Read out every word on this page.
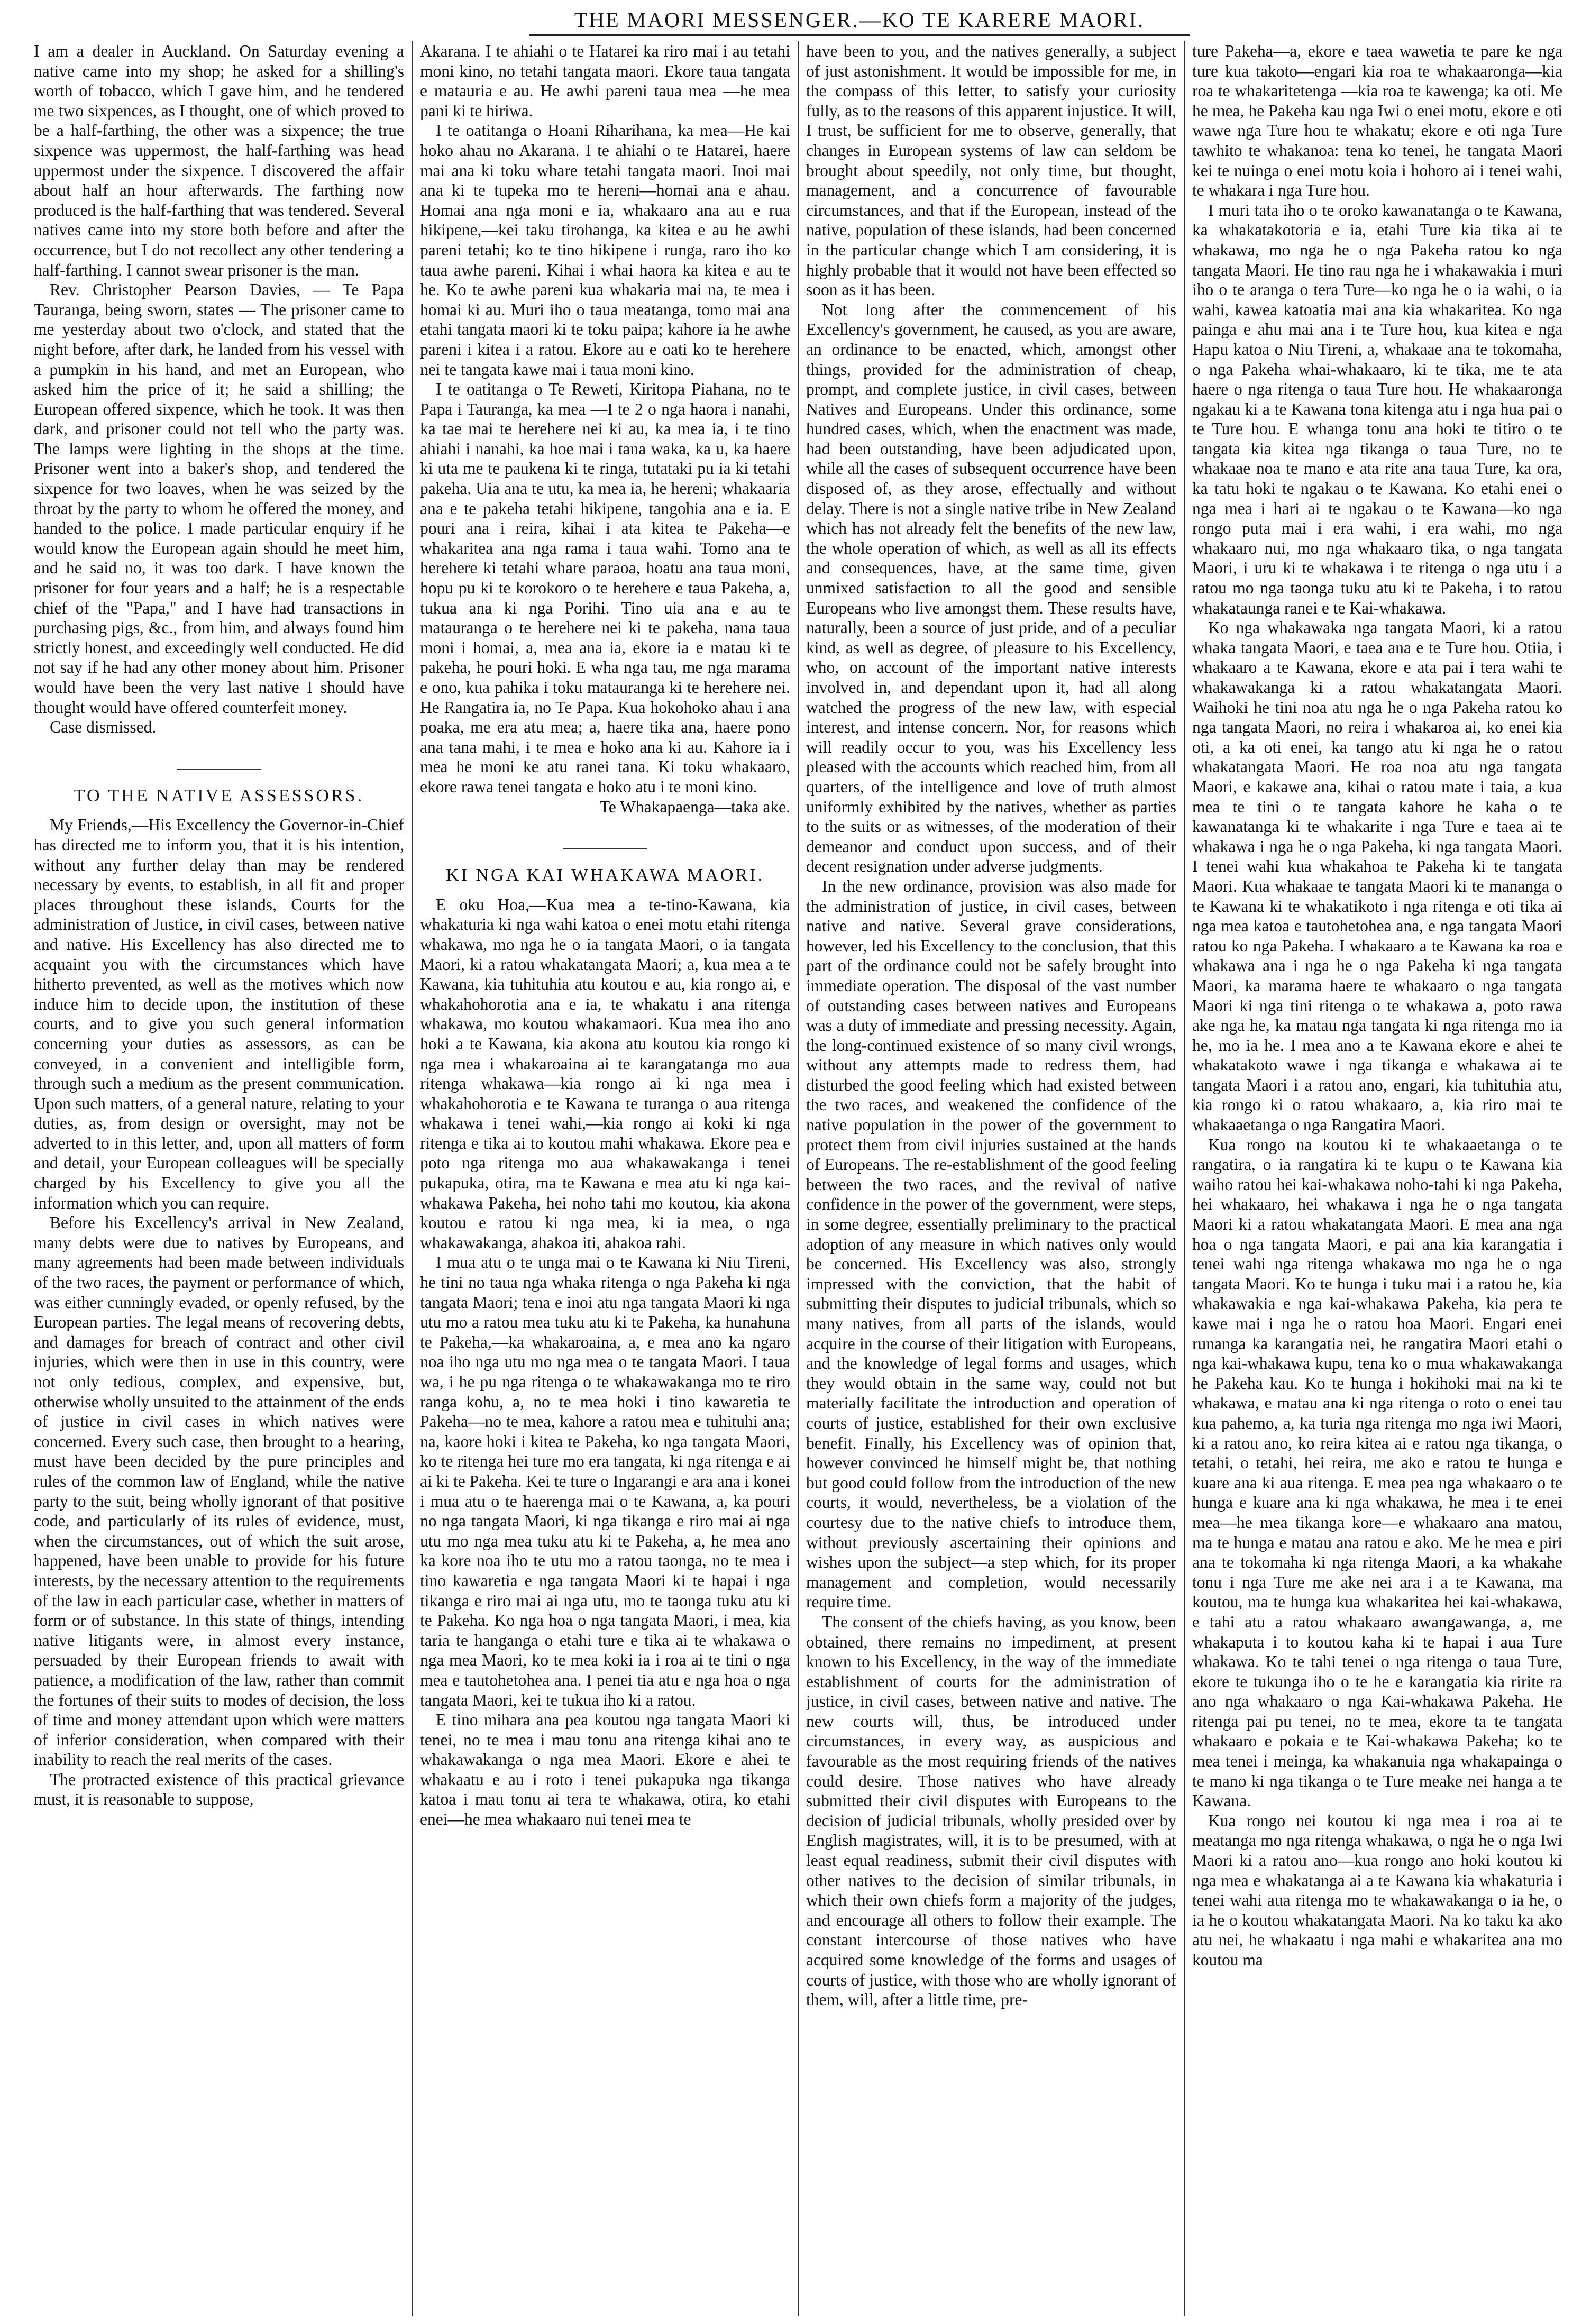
THE MAORI MESSENGER.—KO TE KARERE MAORI.

I am a dealer in Auckland. On Saturday evening a native came into my shop; he asked for a shilling's worth of tobacco, which I gave him, and he tendered me two sixpences, as I thought, one of which proved to be a half-farthing, the other was a sixpence; the true sixpence was uppermost, the half-farthing was head uppermost under the sixpence. I discovered the affair about half an hour afterwards. The farthing now produced is the half-farthing that was tendered. Several natives came into my store both before and after the occurrence, but I do not recollect any other tendering a half-farthing. I cannot swear prisoner is the man.

Rev. Christopher Pearson Davies, — Te Papa Tauranga, being sworn, states — The prisoner came to me yesterday about two o'clock, and stated that the night before, after dark, he landed from his vessel with a pumpkin in his hand, and met an European, who asked him the price of it; he said a shilling; the European offered sixpence, which he took. It was then dark, and prisoner could not tell who the party was. The lamps were lighting in the shops at the time. Prisoner went into a baker's shop, and tendered the sixpence for two loaves, when he was seized by the throat by the party to whom he offered the money, and handed to the police. I made particular enquiry if he would know the European again should he meet him, and he said no, it was too dark. I have known the prisoner for four years and a half; he is a respectable chief of the "Papa," and I have had transactions in purchasing pigs, &c., from him, and always found him strictly honest, and exceedingly well conducted. He did not say if he had any other money about him. Prisoner would have been the very last native I should have thought would have offered counterfeit money.

Case dismissed.

TO THE NATIVE ASSESSORS.

My Friends,—His Excellency the Governor-in-Chief has directed me to inform you, that it is his intention, without any further delay than may be rendered necessary by events, to establish, in all fit and proper places throughout these islands, Courts for the administration of Justice, in civil cases, between native and native. His Excellency has also directed me to acquaint you with the circumstances which have hitherto prevented, as well as the motives which now induce him to decide upon, the institution of these courts, and to give you such general information concerning your duties as assessors, as can be conveyed, in a convenient and intelligible form, through such a medium as the present communication. Upon such matters, of a general nature, relating to your duties, as, from design or oversight, may not be adverted to in this letter, and, upon all matters of form and detail, your European colleagues will be specially charged by his Excellency to give you all the information which you can require.

Before his Excellency's arrival in New Zealand, many debts were due to natives by Europeans, and many agreements had been made between individuals of the two races, the payment or performance of which, was either cunningly evaded, or openly refused, by the European parties. The legal means of recovering debts, and damages for breach of contract and other civil injuries, which were then in use in this country, were not only tedious, complex, and expensive, but, otherwise wholly unsuited to the attainment of the ends of justice in civil cases in which natives were concerned. Every such case, then brought to a hearing, must have been decided by the pure principles and rules of the common law of England, while the native party to the suit, being wholly ignorant of that positive code, and particularly of its rules of evidence, must, when the circumstances, out of which the suit arose, happened, have been unable to provide for his future interests, by the necessary attention to the requirements of the law in each particular case, whether in matters of form or of substance. In this state of things, intending native litigants were, in almost every instance, persuaded by their European friends to await with patience, a modification of the law, rather than commit the fortunes of their suits to modes of decision, the loss of time and money attendant upon which were matters of inferior consideration, when compared with their inability to reach the real merits of the cases.

The protracted existence of this practical grievance must, it is reasonable to suppose,

Akarana. I te ahiahi o te Hatarei ka riro mai i au tetahi moni kino, no tetahi tangata maori. Ekore taua tangata e matauria e au. He awhi pareni taua mea —he mea pani ki te hiriwa.

I te oatitanga o Hoani Riharihana, ka mea—He kai hoko ahau no Akarana. I te ahiahi o te Hatarei, haere mai ana ki toku whare tetahi tangata maori. Inoi mai ana ki te tupeka mo te hereni—homai ana e ahau. Homai ana nga moni e ia, whakaaro ana au e rua hikipene,—kei taku tirohanga, ka kitea e au he awhi pareni tetahi; ko te tino hikipene i runga, raro iho ko taua awhe pareni. Kihai i whai haora ka kitea e au te he. Ko te awhe pareni kua whakaria mai na, te mea i homai ki au. Muri iho o taua meatanga, tomo mai ana etahi tangata maori ki te toku paipa; kahore ia he awhe pareni i kitea i a ratou. Ekore au e oati ko te herehere nei te tangata kawe mai i taua moni kino.

I te oatitanga o Te Reweti, Kiritopa Piahana, no te Papa i Tauranga, ka mea —I te 2 o nga haora i nanahi, ka tae mai te herehere nei ki au, ka mea ia, i te tino ahiahi i nanahi, ka hoe mai i tana waka, ka u, ka haere ki uta me te paukena ki te ringa, tutataki pu ia ki tetahi pakeha. Uia ana te utu, ka mea ia, he hereni; whakaaria ana e te pakeha tetahi hikipene, tangohia ana e ia. E pouri ana i reira, kihai i ata kitea te Pakeha—e whakaritea ana nga rama i taua wahi. Tomo ana te herehere ki tetahi whare paraoa, hoatu ana taua moni, hopu pu ki te korokoro o te herehere e taua Pakeha, a, tukua ana ki nga Porihi. Tino uia ana e au te matauranga o te herehere nei ki te pakeha, nana taua moni i homai, a, mea ana ia, ekore ia e matau ki te pakeha, he pouri hoki. E wha nga tau, me nga marama e ono, kua pahika i toku matauranga ki te herehere nei. He Rangatira ia, no Te Papa. Kua hokohoko ahau i ana poaka, me era atu mea; a, haere tika ana, haere pono ana tana mahi, i te mea e hoko ana ki au. Kahore ia i mea he moni ke atu ranei tana. Ki toku whakaaro, ekore rawa tenei tangata e hoko atu i te moni kino.

Te Whakapaenga—taka ake.

KI NGA KAI WHAKAWA MAORI.

E oku Hoa,—Kua mea a te-tino-Kawana, kia whakaturia ki nga wahi katoa o enei motu etahi ritenga whakawa, mo nga he o ia tangata Maori, o ia tangata Maori, ki a ratou whakatangata Maori; a, kua mea a te Kawana, kia tuhituhia atu koutou e au, kia rongo ai, e whakahohorotia ana e ia, te whakatu i ana ritenga whakawa, mo koutou whakamaori. Kua mea iho ano hoki a te Kawana, kia akona atu koutou kia rongo ki nga mea i whakaroaina ai te karangatanga mo aua ritenga whakawa—kia rongo ai ki nga mea i whakahohorotia e te Kawana te turanga o aua ritenga whakawa i tenei wahi,—kia rongo ai koki ki nga ritenga e tika ai to koutou mahi whakawa. Ekore pea e poto nga ritenga mo aua whakawakanga i tenei pukapuka, otira, ma te Kawana e mea atu ki nga kai-whakawa Pakeha, hei noho tahi mo koutou, kia akona koutou e ratou ki nga mea, ki ia mea, o nga whakawakanga, ahakoa iti, ahakoa rahi.

I mua atu o te unga mai o te Kawana ki Niu Tireni, he tini no taua nga whaka ritenga o nga Pakeha ki nga tangata Maori; tena e inoi atu nga tangata Maori ki nga utu mo a ratou mea tuku atu ki te Pakeha, ka hunahuna te Pakeha,—ka whakaroaina, a, e mea ano ka ngaro noa iho nga utu mo nga mea o te tangata Maori. I taua wa, i he pu nga ritenga o te whakawakanga mo te riro ranga kohu, a, no te mea hoki i tino kawaretia te Pakeha—no te mea, kahore a ratou mea e tuhituhi ana; na, kaore hoki i kitea te Pakeha, ko nga tangata Maori, ko te ritenga hei ture mo era tangata, ki nga ritenga e ai ai ki te Pakeha. Kei te ture o Ingarangi e ara ana i konei i mua atu o te haerenga mai o te Kawana, a, ka pouri no nga tangata Maori, ki nga tikanga e riro mai ai nga utu mo nga mea tuku atu ki te Pakeha, a, he mea ano ka kore noa iho te utu mo a ratou taonga, no te mea i tino kawaretia e nga tangata Maori ki te hapai i nga tikanga e riro mai ai nga utu, mo te taonga tuku atu ki te Pakeha. Ko nga hoa o nga tangata Maori, i mea, kia taria te hanganga o etahi ture e tika ai te whakawa o nga mea Maori, ko te mea koki ia i roa ai te tini o nga mea e tautohetohea ana. I penei tia atu e nga hoa o nga tangata Maori, kei te tukua iho ki a ratou.

E tino mihara ana pea koutou nga tangata Maori ki tenei, no te mea i mau tonu ana ritenga kihai ano te whakawakanga o nga mea Maori. Ekore e ahei te whakaatu e au i roto i tenei pukapuka nga tikanga katoa i mau tonu ai tera te whakawa, otira, ko etahi enei—he mea whakaaro nui tenei mea te

have been to you, and the natives generally, a subject of just astonishment. It would be impossible for me, in the compass of this letter, to satisfy your curiosity fully, as to the reasons of this apparent injustice. It will, I trust, be sufficient for me to observe, generally, that changes in European systems of law can seldom be brought about speedily, not only time, but thought, management, and a concurrence of favourable circumstances, and that if the European, instead of the native, population of these islands, had been concerned in the particular change which I am considering, it is highly probable that it would not have been effected so soon as it has been.

Not long after the commencement of his Excellency's government, he caused, as you are aware, an ordinance to be enacted, which, amongst other things, provided for the administration of cheap, prompt, and complete justice, in civil cases, between Natives and Europeans. Under this ordinance, some hundred cases, which, when the enactment was made, had been outstanding, have been adjudicated upon, while all the cases of subsequent occurrence have been disposed of, as they arose, effectually and without delay. There is not a single native tribe in New Zealand which has not already felt the benefits of the new law, the whole operation of which, as well as all its effects and consequences, have, at the same time, given unmixed satisfaction to all the good and sensible Europeans who live amongst them. These results have, naturally, been a source of just pride, and of a peculiar kind, as well as degree, of pleasure to his Excellency, who, on account of the important native interests involved in, and dependant upon it, had all along watched the progress of the new law, with especial interest, and intense concern. Nor, for reasons which will readily occur to you, was his Excellency less pleased with the accounts which reached him, from all quarters, of the intelligence and love of truth almost uniformly exhibited by the natives, whether as parties to the suits or as witnesses, of the moderation of their demeanor and conduct upon success, and of their decent resignation under adverse judgments.

In the new ordinance, provision was also made for the administration of justice, in civil cases, between native and native. Several grave considerations, however, led his Excellency to the conclusion, that this part of the ordinance could not be safely brought into immediate operation. The disposal of the vast number of outstanding cases between natives and Europeans was a duty of immediate and pressing necessity. Again, the long-continued existence of so many civil wrongs, without any attempts made to redress them, had disturbed the good feeling which had existed between the two races, and weakened the confidence of the native population in the power of the government to protect them from civil injuries sustained at the hands of Europeans. The re-establishment of the good feeling between the two races, and the revival of native confidence in the power of the government, were steps, in some degree, essentially preliminary to the practical adoption of any measure in which natives only would be concerned. His Excellency was also, strongly impressed with the conviction, that the habit of submitting their disputes to judicial tribunals, which so many natives, from all parts of the islands, would acquire in the course of their litigation with Europeans, and the knowledge of legal forms and usages, which they would obtain in the same way, could not but materially facilitate the introduction and operation of courts of justice, established for their own exclusive benefit. Finally, his Excellency was of opinion that, however convinced he himself might be, that nothing but good could follow from the introduction of the new courts, it would, nevertheless, be a violation of the courtesy due to the native chiefs to introduce them, without previously ascertaining their opinions and wishes upon the subject—a step which, for its proper management and completion, would necessarily require time.

The consent of the chiefs having, as you know, been obtained, there remains no impediment, at present known to his Excellency, in the way of the immediate establishment of courts for the administration of justice, in civil cases, between native and native. The new courts will, thus, be introduced under circumstances, in every way, as auspicious and favourable as the most requiring friends of the natives could desire. Those natives who have already submitted their civil disputes with Europeans to the decision of judicial tribunals, wholly presided over by English magistrates, will, it is to be presumed, with at least equal readiness, submit their civil disputes with other natives to the decision of similar tribunals, in which their own chiefs form a majority of the judges, and encourage all others to follow their example. The constant intercourse of those natives who have acquired some knowledge of the forms and usages of courts of justice, with those who are wholly ignorant of them, will, after a little time, pre-

ture Pakeha—a, ekore e taea wawetia te pare ke nga ture kua takoto—engari kia roa te whakaaronga—kia roa te whakaritetenga —kia roa te kawenga; ka oti. Me he mea, he Pakeha kau nga Iwi o enei motu, ekore e oti wawe nga Ture hou te whakatu; ekore e oti nga Ture tawhito te whakanoa: tena ko tenei, he tangata Maori kei te nuinga o enei motu koia i hohoro ai i tenei wahi, te whakara i nga Ture hou.

I muri tata iho o te oroko kawanatanga o te Kawana, ka whakatakotoria e ia, etahi Ture kia tika ai te whakawa, mo nga he o nga Pakeha ratou ko nga tangata Maori. He tino rau nga he i whakawakia i muri iho o te aranga o tera Ture—ko nga he o ia wahi, o ia wahi, kawea katoatia mai ana kia whakaritea. Ko nga painga e ahu mai ana i te Ture hou, kua kitea e nga Hapu katoa o Niu Tireni, a, whakaae ana te tokomaha, o nga Pakeha whai-whakaaro, ki te tika, me te ata haere o nga ritenga o taua Ture hou. He whakaaronga ngakau ki a te Kawana tona kitenga atu i nga hua pai o te Ture hou. E whanga tonu ana hoki te titiro o te tangata kia kitea nga tikanga o taua Ture, no te whakaae noa te mano e ata rite ana taua Ture, ka ora, ka tatu hoki te ngakau o te Kawana. Ko etahi enei o nga mea i hari ai te ngakau o te Kawana—ko nga rongo puta mai i era wahi, i era wahi, mo nga whakaaro nui, mo nga whakaaro tika, o nga tangata Maori, i uru ki te whakawa i te ritenga o nga utu i a ratou mo nga taonga tuku atu ki te Pakeha, i to ratou whakataunga ranei e te Kai-whakawa.

Ko nga whakawaka nga tangata Maori, ki a ratou whaka tangata Maori, e taea ana e te Ture hou. Otiia, i whakaaro a te Kawana, ekore e ata pai i tera wahi te whakawakanga ki a ratou whakatangata Maori. Waihoki he tini noa atu nga he o nga Pakeha ratou ko nga tangata Maori, no reira i whakaroa ai, ko enei kia oti, a ka oti enei, ka tango atu ki nga he o ratou whakatangata Maori. He roa noa atu nga tangata Maori, e kakawe ana, kihai o ratou mate i taia, a kua mea te tini o te tangata kahore he kaha o te kawanatanga ki te whakarite i nga Ture e taea ai te whakawa i nga he o nga Pakeha, ki nga tangata Maori. I tenei wahi kua whakahoa te Pakeha ki te tangata Maori. Kua whakaae te tangata Maori ki te mananga o te Kawana ki te whakatikoto i nga ritenga e oti tika ai nga mea katoa e tautohetohea ana, e nga tangata Maori ratou ko nga Pakeha. I whakaaro a te Kawana ka roa e whakawa ana i nga he o nga Pakeha ki nga tangata Maori, ka marama haere te whakaaro o nga tangata Maori ki nga tini ritenga o te whakawa a, poto rawa ake nga he, ka matau nga tangata ki nga ritenga mo ia he, mo ia he. I mea ano a te Kawana ekore e ahei te whakatakoto wawe i nga tikanga e whakawa ai te tangata Maori i a ratou ano, engari, kia tuhituhia atu, kia rongo ki o ratou whakaaro, a, kia riro mai te whakaaetanga o nga Rangatira Maori.

Kua rongo na koutou ki te whakaaetanga o te rangatira, o ia rangatira ki te kupu o te Kawana kia waiho ratou hei kai-whakawa noho-tahi ki nga Pakeha, hei whakaaro, hei whakawa i nga he o nga tangata Maori ki a ratou whakatangata Maori. E mea ana nga hoa o nga tangata Maori, e pai ana kia karangatia i tenei wahi nga ritenga whakawa mo nga he o nga tangata Maori. Ko te hunga i tuku mai i a ratou he, kia whakawakia e nga kai-whakawa Pakeha, kia pera te kawe mai i nga he o ratou hoa Maori. Engari enei runanga ka karangatia nei, he rangatira Maori etahi o nga kai-whakawa kupu, tena ko o mua whakawakanga he Pakeha kau. Ko te hunga i hokihoki mai na ki te whakawa, e matau ana ki nga ritenga o roto o enei tau kua pahemo, a, ka turia nga ritenga mo nga iwi Maori, ki a ratou ano, ko reira kitea ai e ratou nga tikanga, o tetahi, o tetahi, hei reira, me ako e ratou te hunga e kuare ana ki aua ritenga. E mea pea nga whakaaro o te hunga e kuare ana ki nga whakawa, he mea i te enei mea—he mea tikanga kore—e whakaaro ana matou, ma te hunga e matau ana ratou e ako. Me he mea e piri ana te tokomaha ki nga ritenga Maori, a ka whakahe tonu i nga Ture me ake nei ara i a te Kawana, ma koutou, ma te hunga kua whakaritea hei kai-whakawa, e tahi atu a ratou whakaaro awangawanga, a, me whakaputa i to koutou kaha ki te hapai i aua Ture whakawa. Ko te tahi tenei o nga ritenga o taua Ture, ekore te tukunga iho o te he e karangatia kia ririte ra ano nga whakaaro o nga Kai-whakawa Pakeha. He ritenga pai pu tenei, no te mea, ekore ta te tangata whakaaro e pokaia e te Kai-whakawa Pakeha; ko te mea tenei i meinga, ka whakanuia nga whakapainga o te mano ki nga tikanga o te Ture meake nei hanga a te Kawana.

Kua rongo nei koutou ki nga mea i roa ai te meatanga mo nga ritenga whakawa, o nga he o nga Iwi Maori ki a ratou ano—kua rongo ano hoki koutou ki nga mea e whakatanga ai a te Kawana kia whakaturia i tenei wahi aua ritenga mo te whakawakanga o ia he, o ia he o koutou whakatangata Maori. Na ko taku ka ako atu nei, he whakaatu i nga mahi e whakaritea ana mo koutou ma
